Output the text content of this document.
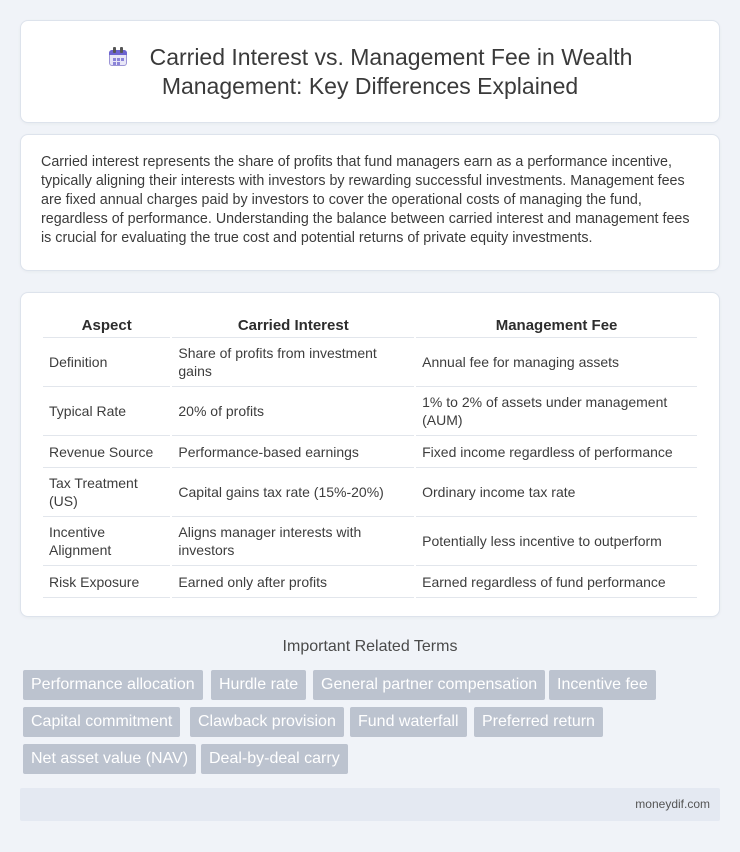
Carried Interest vs. Management Fee in Wealth Management: Key Differences Explained

Carried interest represents the share of profits that fund managers earn as a performance incentive, typically aligning their interests with investors by rewarding successful investments. Management fees are fixed annual charges paid by investors to cover the operational costs of managing the fund, regardless of performance. Understanding the balance between carried interest and management fees is crucial for evaluating the true cost and potential returns of private equity investments.

Aspect	Carried Interest	Management Fee
Definition	Share of profits from investment gains	Annual fee for managing assets
Typical Rate	20% of profits	1% to 2% of assets under management (AUM)
Revenue Source	Performance-based earnings	Fixed income regardless of performance
Tax Treatment (US)	Capital gains tax rate (15%-20%)	Ordinary income tax rate
Incentive Alignment	Aligns manager interests with investors	Potentially less incentive to outperform
Risk Exposure	Earned only after profits	Earned regardless of fund performance
Important Related Terms
Performance allocation	Hurdle rate	General partner compensation	Incentive fee
Capital commitment	Clawback provision	Fund waterfall	Preferred return
Net asset value (NAV)	Deal-by-deal carry
moneydif.com
